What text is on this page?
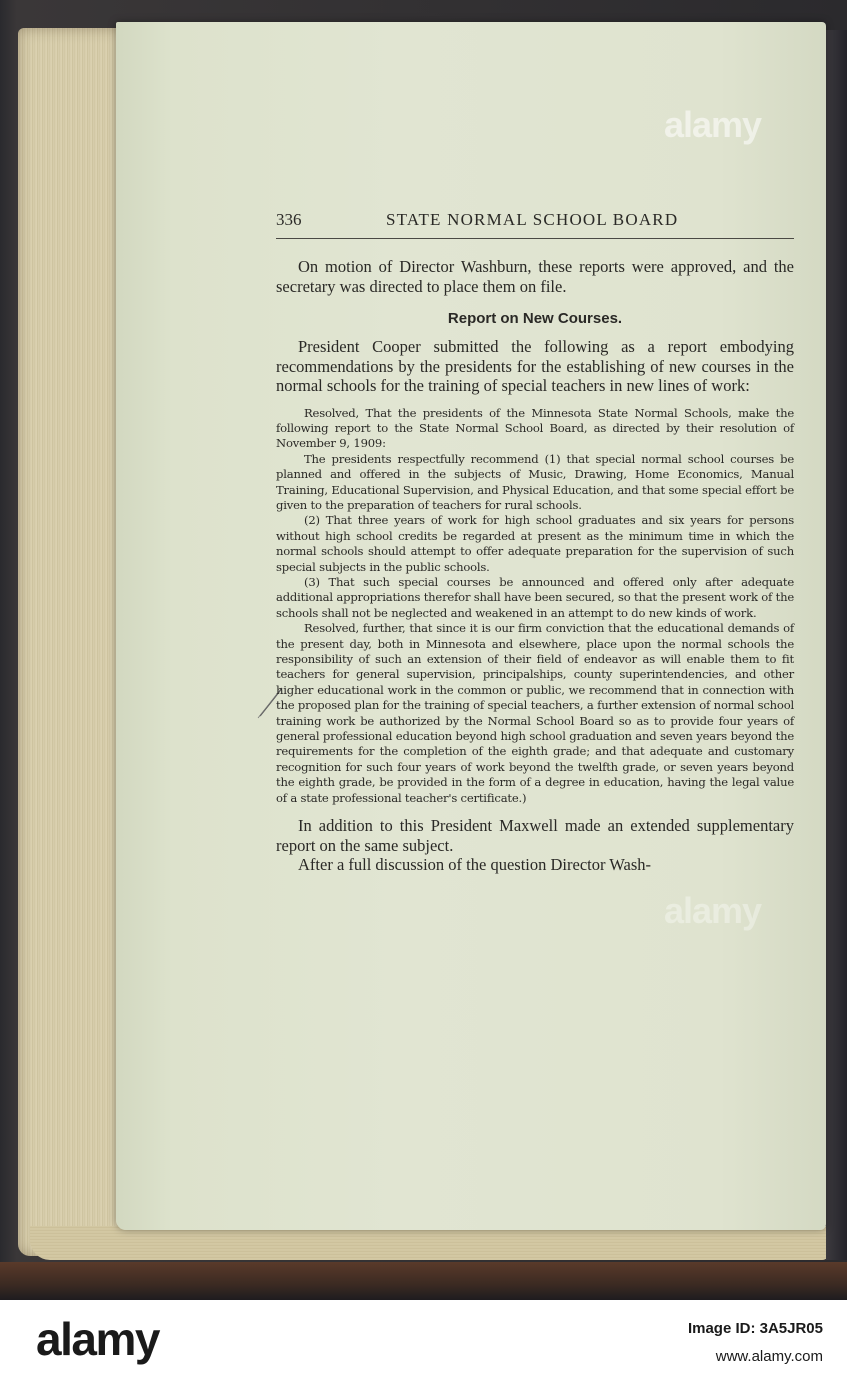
alamy
alamy
336	STATE NORMAL SCHOOL BOARD

On motion of Director Washburn, these reports were approved, and the secretary was directed to place them on file.

Report on New Courses.

President Cooper submitted the following as a report embodying recommendations by the presidents for the establishing of new courses in the normal schools for the training of special teachers in new lines of work:

Resolved, That the presidents of the Minnesota State Normal Schools, make the following report to the State Normal School Board, as directed by their resolution of November 9, 1909:

The presidents respectfully recommend (1) that special normal school courses be planned and offered in the subjects of Music, Drawing, Home Economics, Manual Training, Educational Supervision, and Physical Education, and that some special effort be given to the preparation of teachers for rural schools.

(2) That three years of work for high school graduates and six years for persons without high school credits be regarded at present as the minimum time in which the normal schools should attempt to offer adequate preparation for the supervision of such special subjects in the public schools.

(3) That such special courses be announced and offered only after adequate additional appropriations therefor shall have been secured, so that the present work of the schools shall not be neglected and weakened in an attempt to do new kinds of work.

Resolved, further, that since it is our firm conviction that the educational demands of the present day, both in Minnesota and elsewhere, place upon the normal schools the responsibility of such an extension of their field of endeavor as will enable them to fit teachers for general supervision, principalships, county superintendencies, and other higher educational work in the common or public, we recommend that in connection with the proposed plan for the training of special teachers, a further extension of normal school training work be authorized by the Normal School Board so as to provide four years of general professional education beyond high school graduation and seven years beyond the requirements for the completion of the eighth grade; and that adequate and customary recognition for such four years of work beyond the twelfth grade, or seven years beyond the eighth grade, be provided in the form of a degree in education, having the legal value of a state professional teacher's certificate.)

In addition to this President Maxwell made an extended supplementary report on the same subject.

After a full discussion of the question Director Wash-

alamy	Image ID: 3A5JR05
www.alamy.com
